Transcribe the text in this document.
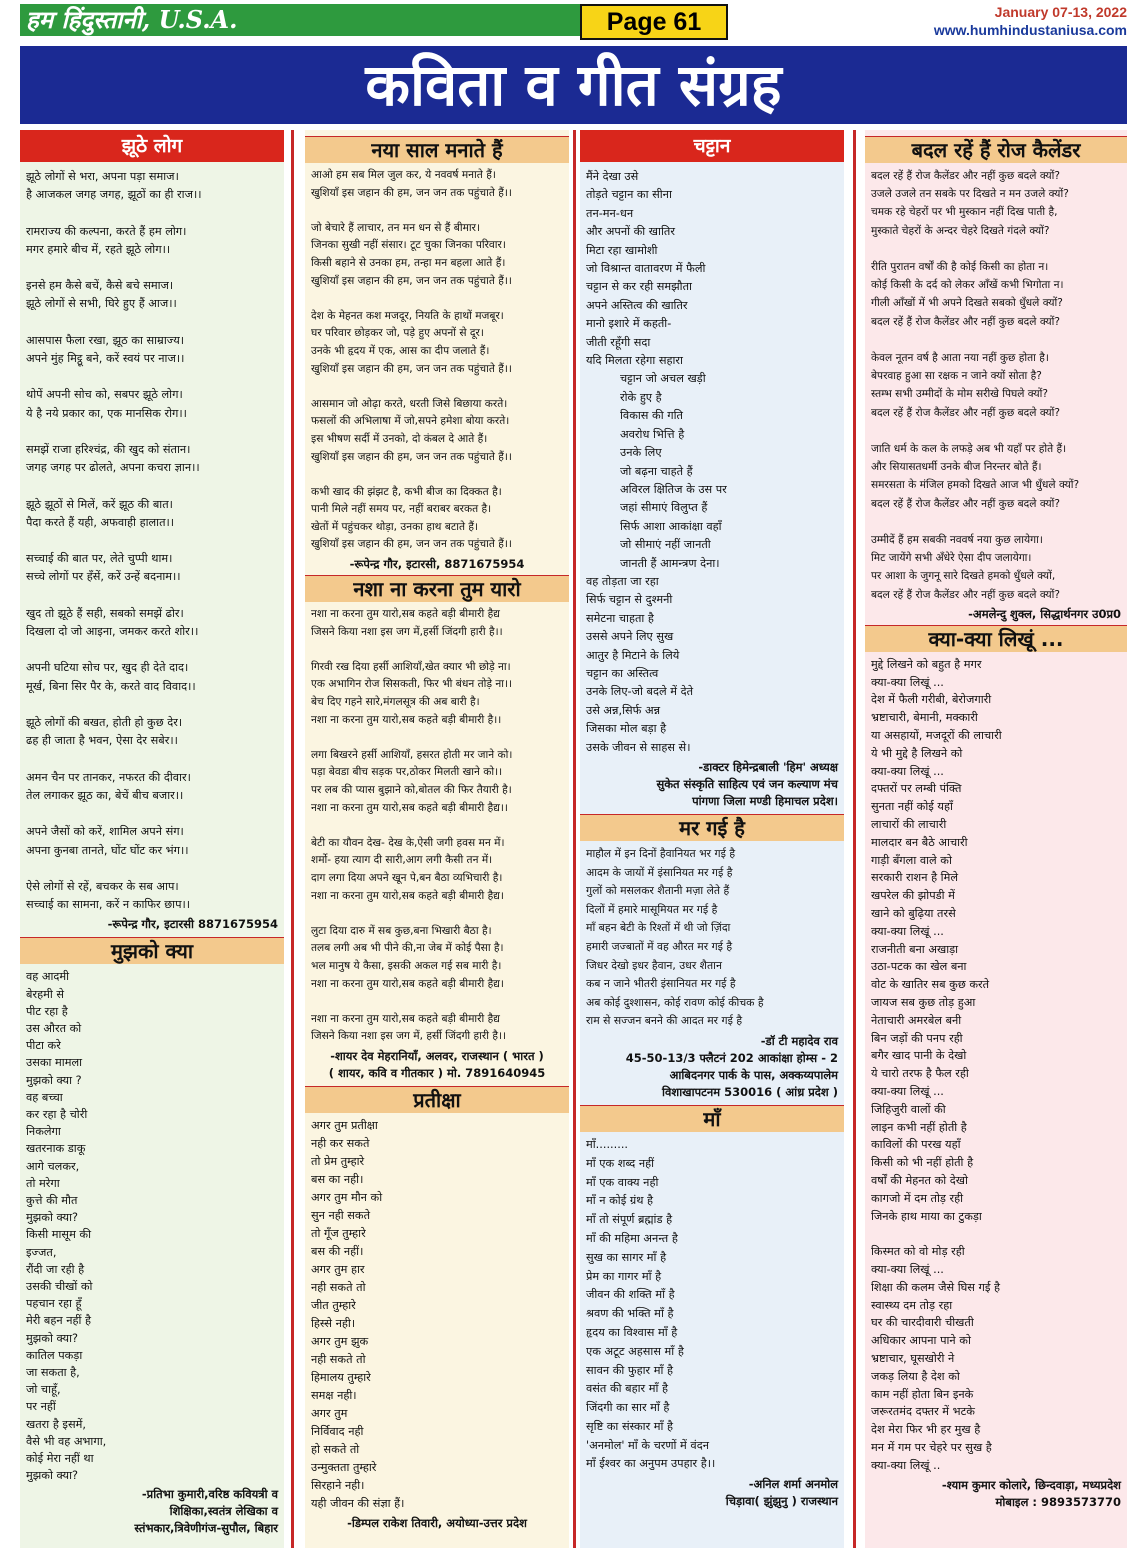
हम हिंदुस्तानी, U.S.A.	Page 61	January 07-13, 2022
www.humhindustaniusa.com
कविता व गीत संग्रह
झूठे लोग
झूठे लोगों से भरा, अपना पड़ा समाज।
है आजकल जगह जगह, झूठों का ही राज।।

रामराज्य की कल्पना, करते हैं हम लोग।
मगर हमारे बीच में, रहते झूठे लोग।।

इनसे हम कैसे बचें, कैसे बचे समाज।
झूठे लोगों से सभी, घिरे हुए हैं आज।।

आसपास फैला रखा, झूठ का साम्राज्य।
अपने मुंह मिट्ठू बने, करें स्वयं पर नाज।।

थोपें अपनी सोच को, सबपर झूठे लोग।
ये है नये प्रकार का, एक मानसिक रोग।।

समझें राजा हरिश्चंद्र, की खुद को संतान।
जगह जगह पर ढोलते, अपना कचरा ज्ञान।।

झूठे झूठों से मिलें, करें झूठ की बात।
पैदा करते हैं यही, अफवाही हालात।।

सच्चाई की बात पर, लेते चुप्पी थाम।
सच्चे लोगों पर हँसें, करें उन्हें बदनाम।।

खुद तो झूठे हैं सही, सबको समझें ढोर।
दिखला दो जो आइना, जमकर करते शोर।।

अपनी घटिया सोच पर, खुद ही देते दाद।
मूर्ख, बिना सिर पैर के, करते वाद विवाद।।

झूठे लोगों की बखत, होती हो कुछ देर।
ढह ही जाता है भवन, ऐसा देर सबेर।।

अमन चैन पर तानकर, नफरत की दीवार।
तेल लगाकर झूठ का, बेचें बीच बजार।।

अपने जैसों को करें, शामिल अपने संग।
अपना कुनबा तानते, घोंट घोंट कर भंग।।

ऐसे लोगों से रहें, बचकर के सब आप।
सच्चाई का सामना, करें न काफिर छाप।।
-रूपेन्द्र गौर, इटारसी 8871675954
मुझको क्या
वह आदमी
बेरहमी से
पीट रहा है
उस औरत को
पीटा करे
उसका मामला
मुझको क्या ?
वह बच्चा
कर रहा है चोरी
निकलेगा
खतरनाक डाकू
आगे चलकर,
तो मरेगा
कुत्ते की मौत
मुझको क्या?
किसी मासूम की
इज्जत,
रौंदी जा रही है
उसकी चीखों को
पहचान रहा हूँ
मेरी बहन नहीं है
मुझको क्या?
कातिल पकड़ा
जा सकता है,
जो चाहूँ,
पर नहीं
खतरा है इसमें,
वैसे भी वह अभागा,
कोई मेरा नहीं था
मुझको क्या?
-प्रतिभा कुमारी,वरिष्ठ कवियत्री व
शिक्षिका,स्वतंत्र लेखिका व
स्तंभकार,त्रिवेणीगंज-सुपौल, बिहार
नया साल मनाते हैं
आओ हम सब मिल जुल कर, ये नववर्ष मनाते हैं।
खुशियाँ इस जहान की हम, जन जन तक पहुंचाते हैं।।

जो बेचारे हैं लाचार, तन मन धन से हैं बीमार।
जिनका सुखी नहीं संसार। टूट चुका जिनका परिवार।
किसी बहाने से उनका हम, तन्हा मन बहला आते हैं।
खुशियाँ इस जहान की हम, जन जन तक पहुंचाते हैं।।

देश के मेहनत कश मजदूर, नियति के हाथों मजबूर।
घर परिवार छोड़कर जो, पड़े हुए अपनों से दूर।
उनके भी हृदय में एक, आस का दीप जलाते हैं।
खुशियाँ इस जहान की हम, जन जन तक पहुंचाते हैं।।

आसमान जो ओढ़ा करते, धरती जिसे बिछाया करते।
फसलों की अभिलाषा में जो,सपने हमेशा बोया करते।
इस भीषण सर्दी में उनको, दो कंबल दे आते हैं।
खुशियाँ इस जहान की हम, जन जन तक पहुंचाते हैं।।

कभी खाद की झंझट है, कभी बीज का दिक्कत है।
पानी मिले नहीं समय पर, नहीं बराबर बरकत है।
खेतों में पहुंचकर थोड़ा, उनका हाथ बटाते हैं।
खुशियाँ इस जहान की हम, जन जन तक पहुंचाते हैं।।
-रूपेन्द्र गौर, इटारसी, 8871675954
नशा ना करना तुम यारो
नशा ना करना तुम यारो,सब कहते बड़ी बीमारी हैद्य
जिसने किया नशा इस जग में,हर्सी जिंदगी हारी है।।

गिरवी रख दिया हर्सी आशियाँ,खेत क्यार भी छोड़े ना।
एक अभागिन रोज सिसकती, फिर भी बंधन तोड़े ना।।
बेच दिए गहने सारे,मंगलसूत्र की अब बारी है।
नशा ना करना तुम यारो,सब कहते बड़ी बीमारी है।।

लगा बिखरने हर्सी आशियाँ, हसरत होती मर जाने को।
पड़ा बेवडा बीच सड़क पर,ठोकर मिलती खाने को।।
पर लब की प्यास बुझाने को,बोतल की फिर तैयारी है।
नशा ना करना तुम यारो,सब कहते बड़ी बीमारी हैद्य।।

बेटी का यौवन देख- देख के,ऐसी जगी हवस मन में।
शर्मो- हया त्याग दी सारी,आग लगी कैसी तन में।
दाग लगा दिया अपने खून पे,बन बैठा व्यभिचारी है।
नशा ना करना तुम यारो,सब कहते बड़ी बीमारी हैद्य।

लुटा दिया दारु में सब कुछ,बना भिखारी बैठा है।
तलब लगी अब भी पीने की,ना जेब में कोई पैसा है।
भल मानुष ये कैसा, इसकी अकल गई सब मारी है।
नशा ना करना तुम यारो,सब कहते बड़ी बीमारी हैद्य।

नशा ना करना तुम यारो,सब कहते बड़ी बीमारी हैद्य
जिसने किया नशा इस जग में, हर्सी जिंदगी हारी है।।
-शायर देव मेहरानियाँ, अलवर, राजस्थान ( भारत )
( शायर, कवि व गीतकार ) मो. 7891640945
प्रतीक्षा
अगर तुम प्रतीक्षा
नही कर सकते
तो प्रेम तुम्हारे
बस का नही।
अगर तुम मौन को
सुन नही सकते
तो गूँज तुम्हारे
बस की नहीं।
अगर तुम हार
नही सकते तो
जीत तुम्हारे
हिस्से नही।
अगर तुम झुक
नही सकते तो
हिमालय तुम्हारे
समक्ष नही।
अगर तुम
निर्विवाद नही
हो सकते तो
उन्मुक्तता तुम्हारे
सिरहाने नही।
यही जीवन की संज्ञा हैं।
-डिम्पल राकेश तिवारी, अयोध्या-उत्तर प्रदेश
चट्टान
मैंने देखा उसे
तोड़ते चट्टान का सीना
तन-मन-धन
और अपनों की खातिर
मिटा रहा खामोशी
जो विश्रान्त वातावरण में फैली
चट्टान से कर रही समझौता
अपने अस्तित्व की खातिर
मानो इशारे में कहती-
जीती रहूँगी सदा
यदि मिलता रहेगा सहारा
चट्टान जो अचल खड़ी
रोके हुए है
विकास की गति
अवरोध भित्ति है
उनके लिए
जो बढ़ना चाहते हैं
अविरल क्षितिज के उस पर
जहां सीमाएं विलुप्त हैं
सिर्फ आशा आकांक्षा वहाँ
जो सीमाएं नहीं जानती
जानती हैं आमन्त्रण देना।
वह तोड़ता जा रहा
सिर्फ चट्टान से दुश्मनी
समेटना चाहता है
उससे अपने लिए सुख
आतुर है मिटाने के लिये
चट्टान का अस्तित्व
उनके लिए-जो बदले में देते
उसे अन्न,सिर्फ अन्न
जिसका मोल बड़ा है
उसके जीवन से साहस से।
-डाक्टर हिमेन्द्रबाली 'हिम' अध्यक्ष
सुकेत संस्कृति साहित्य एवं जन कल्याण मंच
पांगणा जिला मण्डी हिमाचल प्रदेश।
मर गई है
माहौल में इन दिनों हैवानियत भर गई है
आदम के जायों में इंसानियत मर गई है
गुलों को मसलकर शैतानी मज़ा लेते हैं
दिलों में हमारे मासूमियत मर गई है
माँ बहन बेटी के रिश्तों में थी जो ज़िंदा
हमारी जज्बातों में वह औरत मर गई है
जिधर देखो इधर हैवान, उधर शैतान
कब न जाने भीतरी इंसानियत मर गई है
अब कोई दुश्शासन, कोई रावण कोई कीचक है
राम से सज्जन बनने की आदत मर गई है
-डॉ टी महादेव राव
45-50-13/3 फ्लैटनं 202 आकांक्षा होम्स - 2
आबिदनगर पार्क के पास, अक्कय्यपालेम
विशाखापटनम 530016 ( आंध्र प्रदेश )
माँ
माँ.........
माँ एक शब्द नहीं
माँ एक वाक्य नही
माँ न कोई ग्रंथ है
माँ तो संपूर्ण ब्रह्मांड है
माँ की महिमा अनन्त है
सुख का सागर माँ है
प्रेम का गागर माँ है
जीवन की शक्ति माँ है
श्रवण की भक्ति माँ है
हृदय का विश्वास माँ है
एक अटूट अहसास माँ है
सावन की फुहार माँ है
वसंत की बहार माँ है
जिंदगी का सार माँ है
सृष्टि का संस्कार माँ है
'अनमोल' माँ के चरणों में वंदन
माँ ईश्वर का अनुपम उपहार है।।
-अनिल शर्मा अनमोल
चिड़ावा( झुंझुनु ) राजस्थान
बदल रहें हैं रोज कैलेंडर
बदल रहें हैं रोज कैलेंडर और नहीं कुछ बदले क्यों?
उजले उजले तन सबके पर दिखते न मन उजले क्यों?
चमक रहे चेहरों पर भी मुस्कान नहीं दिख पाती है,
मुस्काते चेहरों के अन्दर चेहरे दिखते गंदले क्यों?

रीति पुरातन वर्षों की है कोई किसी का होता न।
कोई किसी के दर्द को लेकर आँखें कभी भिगोता न।
गीली आँखों में भी अपने दिखते सबको धुँधले क्यों?
बदल रहें हैं रोज कैलेंडर और नहीं कुछ बदले क्यों?

केवल नूतन वर्ष है आता नया नहीं कुछ होता है।
बेपरवाह हुआ सा रक्षक न जाने क्यों सोता है?
स्तम्भ सभी उम्मीदों के मोम सरीखे पिघले क्यों?
बदल रहें हैं रोज कैलेंडर और नहीं कुछ बदले क्यों?

जाति धर्म के कल के लफड़े अब भी यहाँ पर होते हैं।
और सियासतधर्मी उनके बीज निरन्तर बोते हैं।
समरसता के मंजिल हमको दिखते आज भी धुँधले क्यों?
बदल रहें हैं रोज कैलेंडर और नहीं कुछ बदले क्यों?

उम्मीदें हैं हम सबकी नववर्ष नया कुछ लायेगा।
मिट जायेंगे सभी अँधेरे ऐसा दीप जलायेगा।
पर आशा के जुगनू सारे दिखते हमको धुँधले क्यों,
बदल रहें हैं रोज कैलेंडर और नहीं कुछ बदले क्यों?
-अमलेन्दु शुक्ल, सिद्धार्थनगर उ0प्र0
क्या-क्या लिखूं ...
मुद्दे लिखने को बहुत है मगर
क्या-क्या लिखूं ...
देश में फैली गरीबी, बेरोजगारी
भ्रष्टाचारी, बेमानी, मक्कारी
या असहायों, मजदूरों की लाचारी
ये भी मुद्दे है लिखने को
क्या-क्या लिखूं ...
दफ्तरों पर लम्बी पंक्ति
सुनता नहीं कोई यहाँ
लाचारों की लाचारी
मालदार बन बैठे आचारी
गाड़ी बँगला वाले को
सरकारी राशन है मिले
खपरेल की झोपडी में
खाने को बुढ़िया तरसे
क्या-क्या लिखूं ...
राजनीती बना अखाड़ा
उठा-पटक का खेल बना
वोट के खातिर सब कुछ करते
जायज सब कुछ तोड़ हुआ
नेताचारी अमरबेल बनी
बिन जड़ों की पनप रही
बगैर खाद पानी के देखो
ये चारो तरफ है फैल रही
क्या-क्या लिखूं ...
जिहिजुरी वालों की
लाइन कभी नहीं होती है
काविलों की परख यहाँ
किसी को भी नहीं होती है
वर्षों की मेहनत को देखो
कागजो में दम तोड़ रही
जिनके हाथ माया का टुकड़ा

किस्मत को वो मोड़ रही
क्या-क्या लिखूं ...
शिक्षा की कलम जैसे घिस गई है
स्वास्थ्य दम तोड़ रहा
घर की चारदीवारी चीखती
अधिकार आपना पाने को
भ्रष्टाचार, घूसखोरी ने
जकड़ लिया है देश को
काम नहीं होता बिन इनके
जरूरतमंद दफ्तर में भटके
देश मेरा फिर भी हर मुख है
मन में गम पर चेहरे पर सुख है
क्या-क्या लिखूं ..
-श्याम कुमार कोलारे, छिन्दवाड़ा, मध्यप्रदेश
मोबाइल : 9893573770
